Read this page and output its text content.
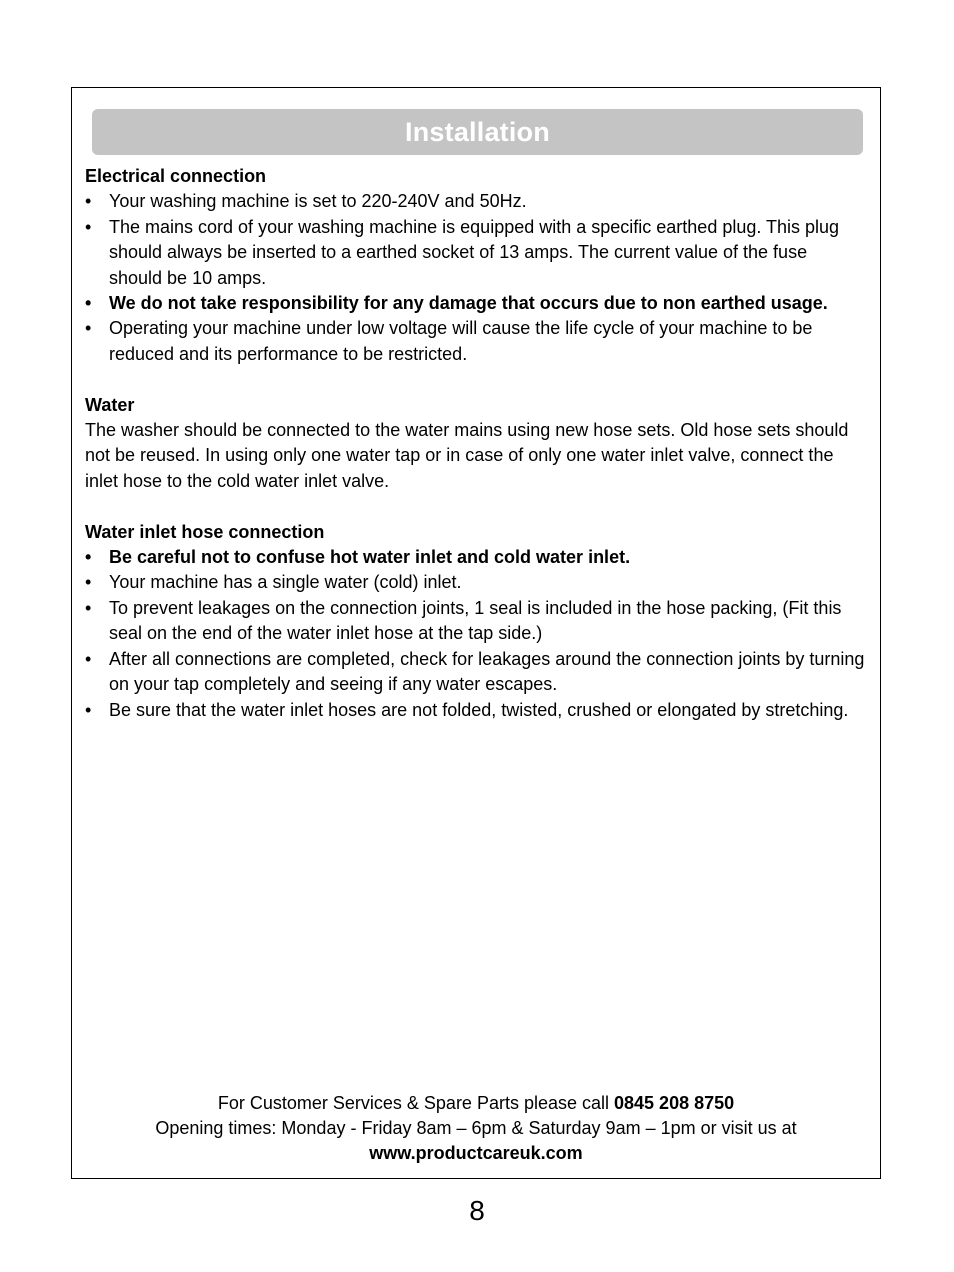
Installation

Electrical connection

• Your washing machine is set to 220-240V and 50Hz.
• The mains cord of your washing machine is equipped with a specific earthed plug. This plug should always be inserted to a earthed socket of 13 amps. The current value of the fuse should be 10 amps.
• We do not take responsibility for any damage that occurs due to non earthed usage.
• Operating your machine under low voltage will cause the life cycle of your machine to be reduced and its performance to be restricted.

Water

The washer should be connected to the water mains using new hose sets. Old hose sets should not be reused. In using only one water tap or in case of only one water inlet valve, connect the inlet hose to the cold water inlet valve.

Water inlet hose connection

• Be careful not to confuse hot water inlet and cold water inlet.
• Your machine has a single water (cold) inlet.
• To prevent leakages on the connection joints, 1 seal is included in the hose packing, (Fit this seal on the end of the water inlet hose at the tap side.)
• After all connections are completed, check for leakages around the connection joints by turning on your tap completely and seeing if any water escapes.
• Be sure that the water inlet hoses are not folded, twisted, crushed or elongated by stretching.
For Customer Services & Spare Parts please call 0845 208 8750
Opening times: Monday - Friday 8am – 6pm & Saturday 9am – 1pm or visit us at
www.productcareuk.com
8
